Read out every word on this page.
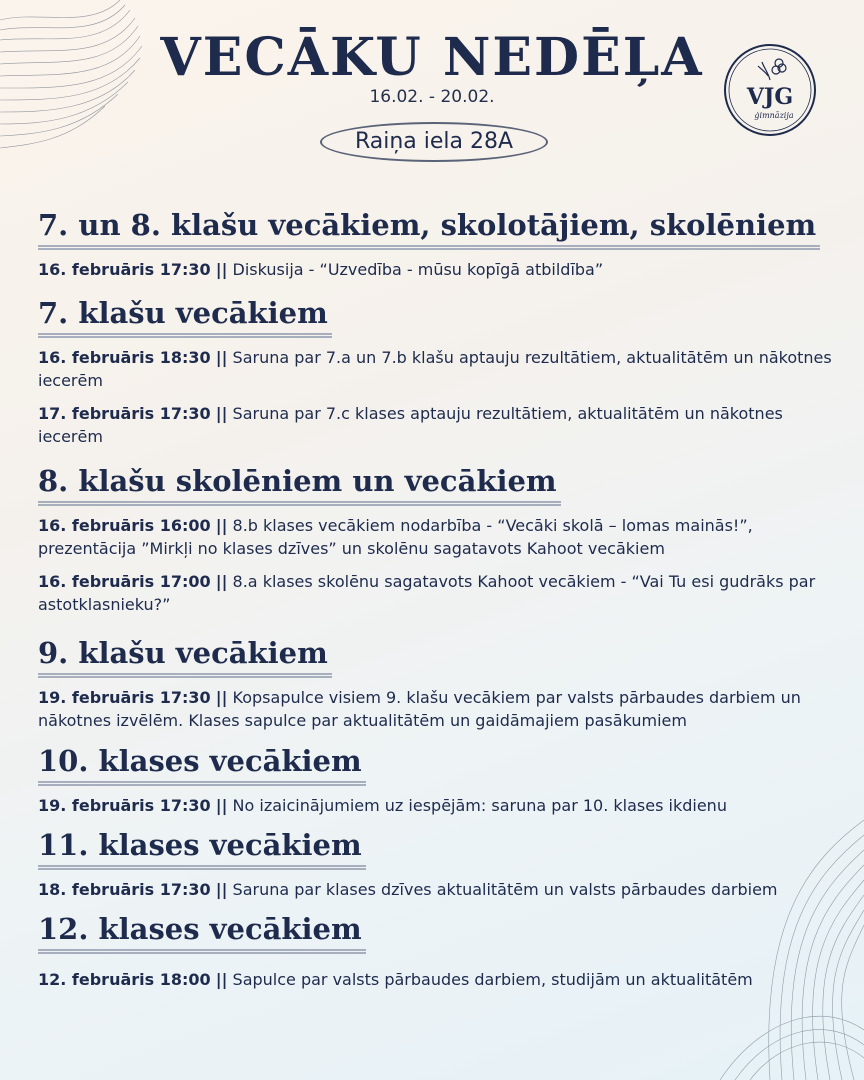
VECĀKU NEDĒĻA
16.02. - 20.02.
Raiņa iela 28A
VJG
ģimnāzija
7. un 8. klašu vecākiem, skolotājiem, skolēniem
16. februāris 17:30 || Diskusija - “Uzvedība - mūsu kopīgā atbildība”
7. klašu vecākiem
16. februāris 18:30 || Saruna par 7.a un 7.b klašu aptauju rezultātiem, aktualitātēm un nākotnes iecerēm
17. februāris 17:30 || Saruna par 7.c klases aptauju rezultātiem, aktualitātēm un nākotnes iecerēm
8. klašu skolēniem un vecākiem
16. februāris 16:00 || 8.b klases vecākiem nodarbība - “Vecāki skolā – lomas mainās!”, prezentācija ”Mirkļi no klases dzīves” un skolēnu sagatavots Kahoot vecākiem
16. februāris 17:00 || 8.a klases skolēnu sagatavots Kahoot vecākiem - “Vai Tu esi gudrāks par astotklasnieku?”
9. klašu vecākiem
19. februāris 17:30 || Kopsapulce visiem 9. klašu vecākiem par valsts pārbaudes darbiem un nākotnes izvēlēm. Klases sapulce par aktualitātēm un gaidāmajiem pasākumiem
10. klases vecākiem
19. februāris 17:30 || No izaicinājumiem uz iespējām: saruna par 10. klases ikdienu
11. klases vecākiem
18. februāris 17:30 || Saruna par klases dzīves aktualitātēm un valsts pārbaudes darbiem
12. klases vecākiem
12. februāris 18:00 || Sapulce par valsts pārbaudes darbiem, studijām un aktualitātēm
